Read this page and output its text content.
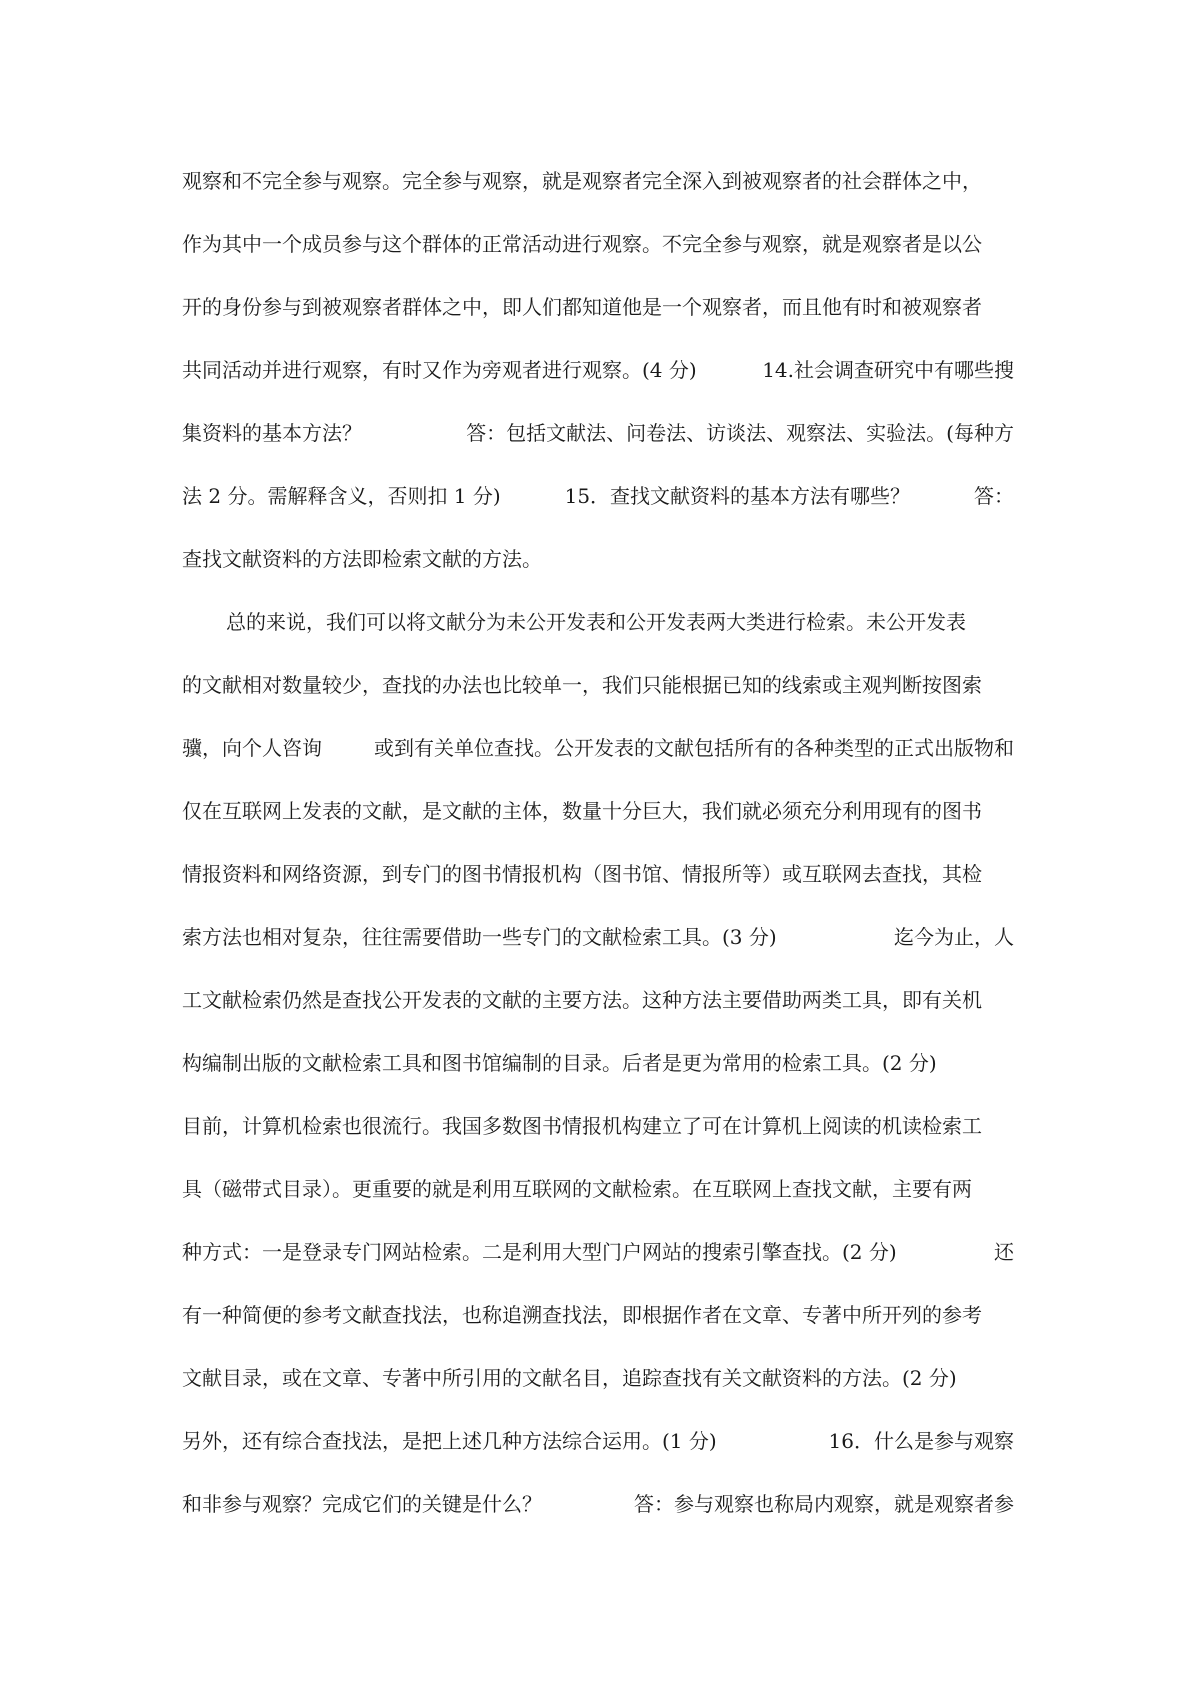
观察和不完全参与观察。完全参与观察，就是观察者完全深入到被观察者的社会群体之中，
作为其中一个成员参与这个群体的正常活动进行观察。不完全参与观察，就是观察者是以公
开的身份参与到被观察者群体之中，即人们都知道他是一个观察者，而且他有时和被观察者
共同活动并进行观察，有时又作为旁观者进行观察。(4 分)	14.社会调查研究中有哪些搜
集资料的基本方法？	答：包括文献法、问卷法、访谈法、观察法、实验法。(每种方
法 2 分。需解释含义，否则扣 1 分)	15．查找文献资料的基本方法有哪些？	答：
查找文献资料的方法即检索文献的方法。
总的来说，我们可以将文献分为未公开发表和公开发表两大类进行检索。未公开发表
的文献相对数量较少，查找的办法也比较单一，我们只能根据已知的线索或主观判断按图索
骥，向个人咨询	或到有关单位查找。公开发表的文献包括所有的各种类型的正式出版物和
仅在互联网上发表的文献，是文献的主体，数量十分巨大，我们就必须充分利用现有的图书
情报资料和网络资源，到专门的图书情报机构（图书馆、情报所等）或互联网去查找，其检
索方法也相对复杂，往往需要借助一些专门的文献检索工具。(3 分)	迄今为止，人
工文献检索仍然是查找公开发表的文献的主要方法。这种方法主要借助两类工具，即有关机
构编制出版的文献检索工具和图书馆编制的目录。后者是更为常用的检索工具。(2 分)
目前，计算机检索也很流行。我国多数图书情报机构建立了可在计算机上阅读的机读检索工
具（磁带式目录）。更重要的就是利用互联网的文献检索。在互联网上查找文献，主要有两
种方式：一是登录专门网站检索。二是利用大型门户网站的搜索引擎查找。(2 分)	还
有一种简便的参考文献查找法，也称追溯查找法，即根据作者在文章、专著中所开列的参考
文献目录，或在文章、专著中所引用的文献名目，追踪查找有关文献资料的方法。(2 分)
另外，还有综合查找法，是把上述几种方法综合运用。(1 分)	16．什么是参与观察
和非参与观察？完成它们的关键是什么？	答：参与观察也称局内观察，就是观察者参
